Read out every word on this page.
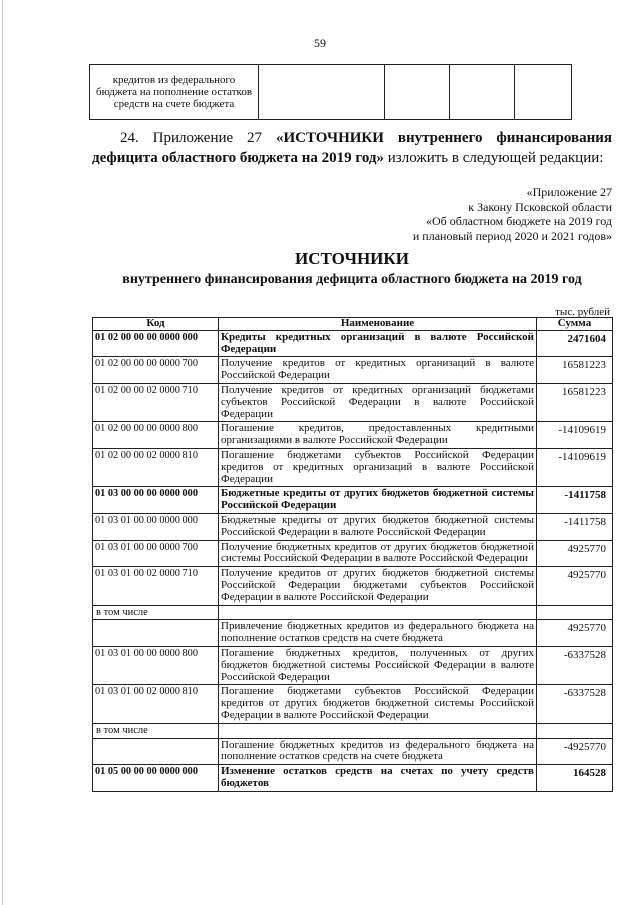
59
кредитов из федерального бюджета на пополнение остатков средств на счете бюджета				
24. Приложение 27 «ИСТОЧНИКИ внутреннего финансирования дефицита областного бюджета на 2019 год» изложить в следующей редакции:
«Приложение 27
к Закону Псковской области
«Об областном бюджете на 2019 год
и плановый период 2020 и 2021 годов»
ИСТОЧНИКИ
внутреннего финансирования дефицита областного бюджета на 2019 год
тыс. рублей
Код	Наименование	Сумма
01 02 00 00 00 0000 000	Кредиты кредитных организаций в валюте Российской Федерации	2471604
01 02 00 00 00 0000 700	Получение кредитов от кредитных организаций в валюте Российской Федерации	16581223
01 02 00 00 02 0000 710	Получение кредитов от кредитных организаций бюджетами субъектов Российской Федерации в валюте Российской Федерации	16581223
01 02 00 00 00 0000 800	Погашение кредитов, предоставленных кредитными организациями в валюте Российской Федерации	-14109619
01 02 00 00 02 0000 810	Погашение бюджетами субъектов Российской Федерации кредитов от кредитных организаций в валюте Российской Федерации	-14109619
01 03 00 00 00 0000 000	Бюджетные кредиты от других бюджетов бюджетной системы Российской Федерации	-1411758
01 03 01 00 00 0000 000	Бюджетные кредиты от других бюджетов бюджетной системы Российской Федерации в валюте Российской Федерации	-1411758
01 03 01 00 00 0000 700	Получение бюджетных кредитов от других бюджетов бюджетной системы Российской Федерации в валюте Российской Федерации	4925770
01 03 01 00 02 0000 710	Получение кредитов от других бюджетов бюджетной системы Российской Федерации бюджетами субъектов Российской Федерации в валюте Российской Федерации	4925770
в том числе		
	Привлечение бюджетных кредитов из федерального бюджета на пополнение остатков средств на счете бюджета	4925770
01 03 01 00 00 0000 800	Погашение бюджетных кредитов, полученных от других бюджетов бюджетной системы Российской Федерации в валюте Российской Федерации	-6337528
01 03 01 00 02 0000 810	Погашение бюджетами субъектов Российской Федерации кредитов от других бюджетов бюджетной системы Российской Федерации в валюте Российской Федерации	-6337528
в том числе		
	Погашение бюджетных кредитов из федерального бюджета на пополнение остатков средств на счете бюджета	-4925770
01 05 00 00 00 0000 000	Изменение остатков средств на счетах по учету средств бюджетов	164528
